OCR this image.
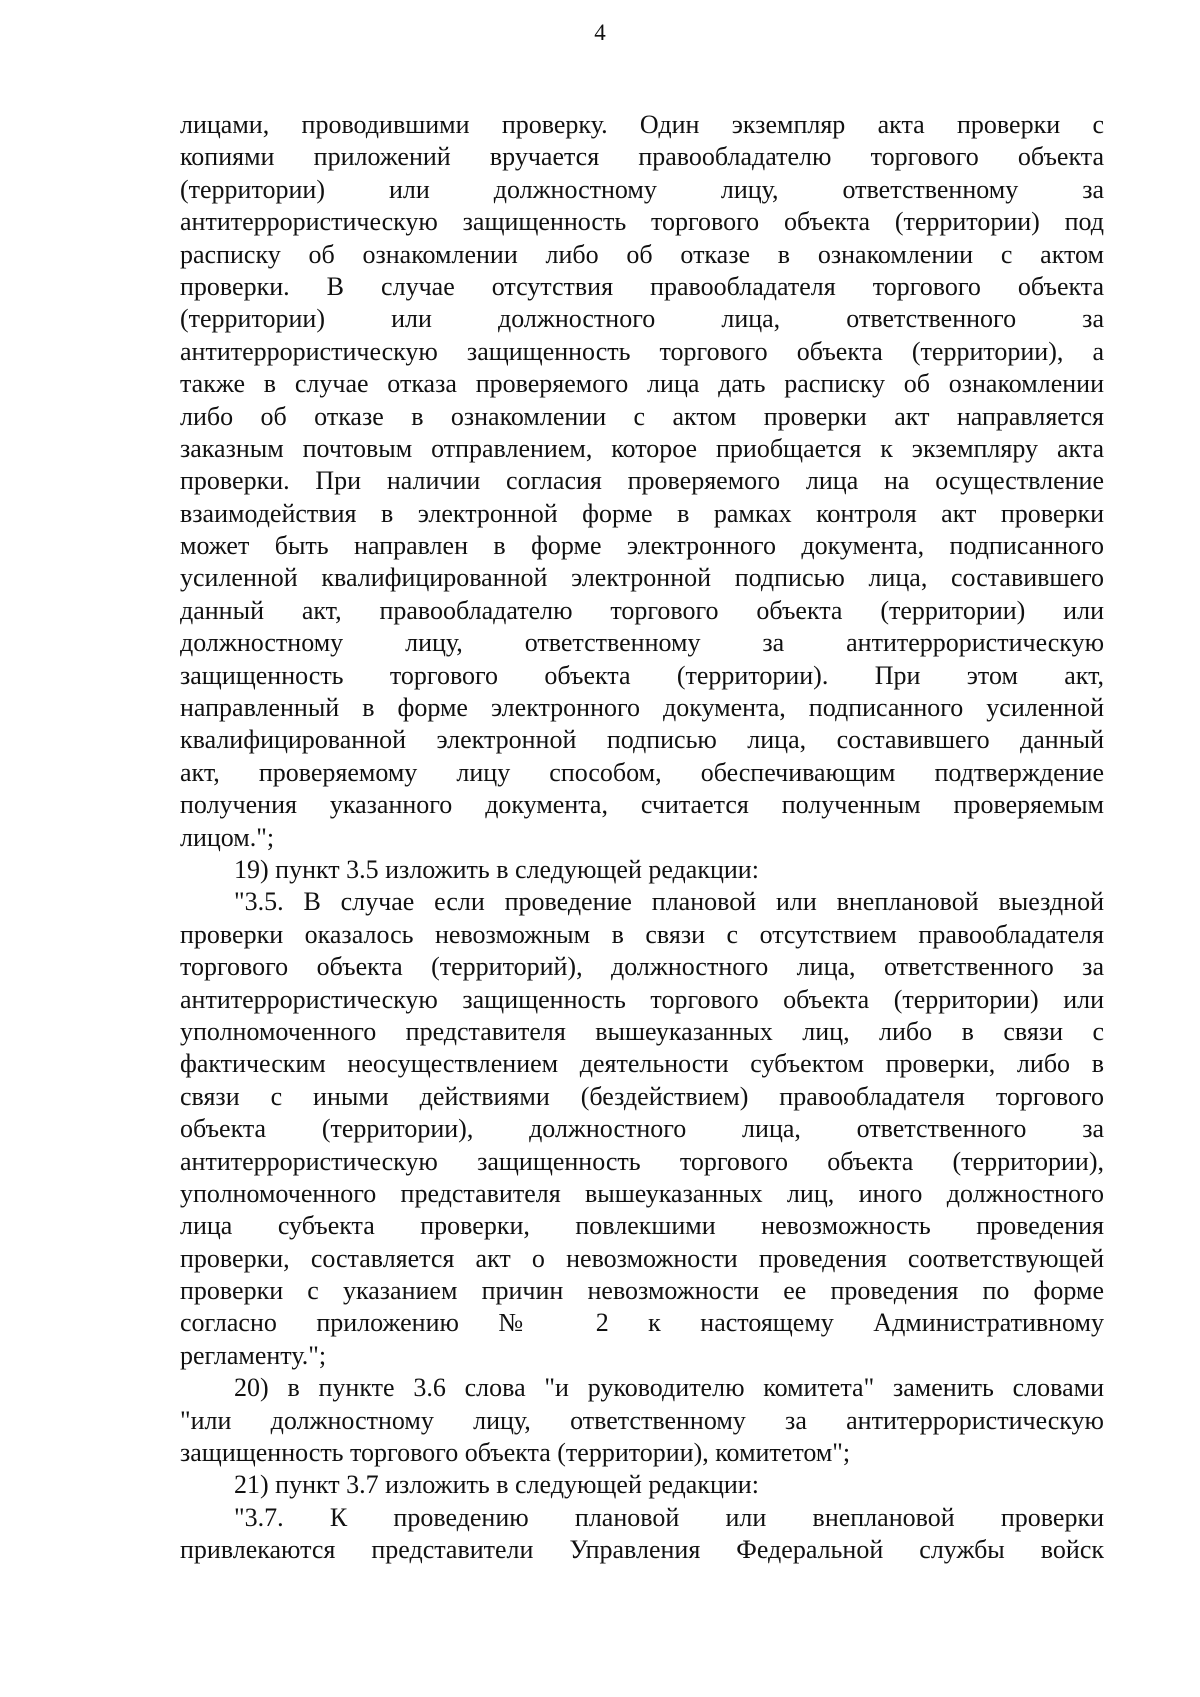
4
лицами, проводившими проверку. Один экземпляр акта проверки с
копиями приложений вручается правообладателю торгового объекта
(территории) или должностному лицу, ответственному за
антитеррористическую защищенность торгового объекта (территории) под
расписку об ознакомлении либо об отказе в ознакомлении с актом
проверки. В случае отсутствия правообладателя торгового объекта
(территории) или должностного лица, ответственного за
антитеррористическую защищенность торгового объекта (территории), а
также в случае отказа проверяемого лица дать расписку об ознакомлении
либо об отказе в ознакомлении с актом проверки акт направляется
заказным почтовым отправлением, которое приобщается к экземпляру акта
проверки. При наличии согласия проверяемого лица на осуществление
взаимодействия в электронной форме в рамках контроля акт проверки
может быть направлен в форме электронного документа, подписанного
усиленной квалифицированной электронной подписью лица, составившего
данный акт, правообладателю торгового объекта (территории) или
должностному лицу, ответственному за антитеррористическую
защищенность торгового объекта (территории). При этом акт,
направленный в форме электронного документа, подписанного усиленной
квалифицированной электронной подписью лица, составившего данный
акт, проверяемому лицу способом, обеспечивающим подтверждение
получения указанного документа, считается полученным проверяемым
лицом.";
19) пункт 3.5 изложить в следующей редакции:
"3.5. В случае если проведение плановой или внеплановой выездной
проверки оказалось невозможным в связи с отсутствием правообладателя
торгового объекта (территорий), должностного лица, ответственного за
антитеррористическую защищенность торгового объекта (территории) или
уполномоченного представителя вышеуказанных лиц, либо в связи с
фактическим неосуществлением деятельности субъектом проверки, либо в
связи с иными действиями (бездействием) правообладателя торгового
объекта (территории), должностного лица, ответственного за
антитеррористическую защищенность торгового объекта (территории),
уполномоченного представителя вышеуказанных лиц, иного должностного
лица субъекта проверки, повлекшими невозможность проведения
проверки, составляется акт о невозможности проведения соответствующей
проверки с указанием причин невозможности ее проведения по форме
согласно приложению № 2 к настоящему Административному
регламенту.";
20) в пункте 3.6 слова "и руководителю комитета" заменить словами
"или должностному лицу, ответственному за антитеррористическую
защищенность торгового объекта (территории), комитетом";
21) пункт 3.7 изложить в следующей редакции:
"3.7. К проведению плановой или внеплановой проверки
привлекаются представители Управления Федеральной службы войск
